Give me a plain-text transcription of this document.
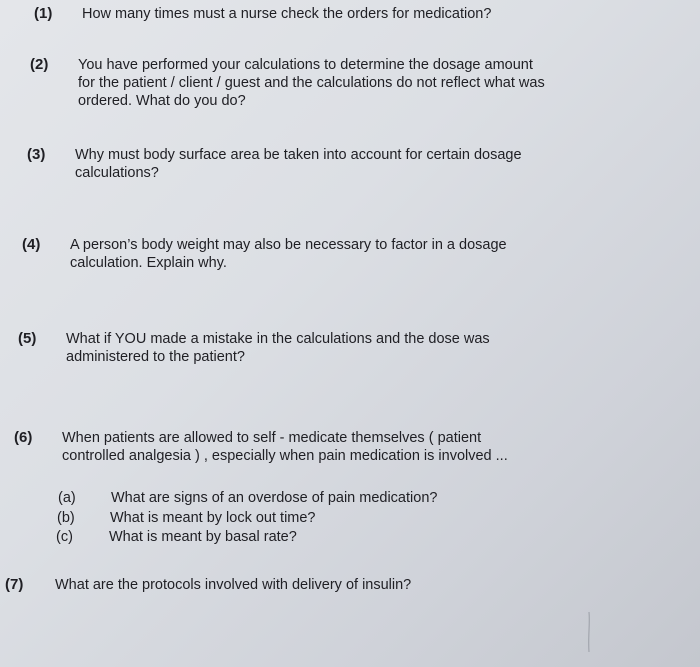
(1) How many times must a nurse check the orders for medication?
(2) You have performed your calculations to determine the dosage amount
for the patient / client / guest and the calculations do not reflect what was
ordered. What do you do?
(3) Why must body surface area be taken into account for certain dosage
calculations?
(4) A person’s body weight may also be necessary to factor in a dosage
calculation. Explain why.
(5) What if YOU made a mistake in the calculations and the dose was
administered to the patient?
(6) When patients are allowed to self - medicate themselves ( patient
controlled analgesia ) , especially when pain medication is involved ...
(a) What are signs of an overdose of pain medication?
(b) What is meant by lock out time?
(c) What is meant by basal rate?
(7) What are the protocols involved with delivery of insulin?
